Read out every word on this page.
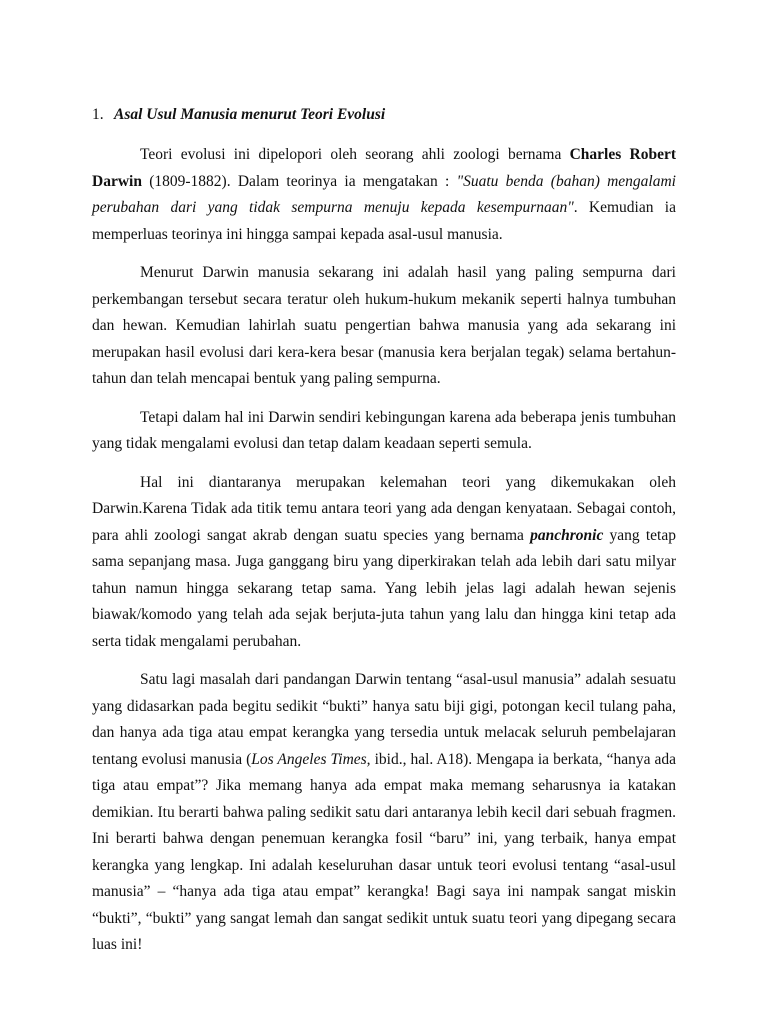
1. Asal Usul Manusia menurut Teori Evolusi

Teori evolusi ini dipelopori oleh seorang ahli zoologi bernama Charles Robert Darwin (1809-1882). Dalam teorinya ia mengatakan : "Suatu benda (bahan) mengalami perubahan dari yang tidak sempurna menuju kepada kesempurnaan". Kemudian ia memperluas teorinya ini hingga sampai kepada asal-usul manusia.

Menurut Darwin manusia sekarang ini adalah hasil yang paling sempurna dari perkembangan tersebut secara teratur oleh hukum-hukum mekanik seperti halnya tumbuhan dan hewan. Kemudian lahirlah suatu pengertian bahwa manusia yang ada sekarang ini merupakan hasil evolusi dari kera-kera besar (manusia kera berjalan tegak) selama bertahun-tahun dan telah mencapai bentuk yang paling sempurna.

Tetapi dalam hal ini Darwin sendiri kebingungan karena ada beberapa jenis tumbuhan yang tidak mengalami evolusi dan tetap dalam keadaan seperti semula.

Hal ini diantaranya merupakan kelemahan teori yang dikemukakan oleh Darwin.Karena Tidak ada titik temu antara teori yang ada dengan kenyataan. Sebagai contoh, para ahli zoologi sangat akrab dengan suatu species yang bernama panchronic yang tetap sama sepanjang masa. Juga ganggang biru yang diperkirakan telah ada lebih dari satu milyar tahun namun hingga sekarang tetap sama. Yang lebih jelas lagi adalah hewan sejenis biawak/komodo yang telah ada sejak berjuta-juta tahun yang lalu dan hingga kini tetap ada serta tidak mengalami perubahan.

Satu lagi masalah dari pandangan Darwin tentang “asal-usul manusia” adalah sesuatu yang didasarkan pada begitu sedikit “bukti” hanya satu biji gigi, potongan kecil tulang paha, dan hanya ada tiga atau empat kerangka yang tersedia untuk melacak seluruh pembelajaran tentang evolusi manusia (Los Angeles Times, ibid., hal. A18). Mengapa ia berkata, “hanya ada tiga atau empat”? Jika memang hanya ada empat maka memang seharusnya ia katakan demikian. Itu berarti bahwa paling sedikit satu dari antaranya lebih kecil dari sebuah fragmen. Ini berarti bahwa dengan penemuan kerangka fosil “baru” ini, yang terbaik, hanya empat kerangka yang lengkap. Ini adalah keseluruhan dasar untuk teori evolusi tentang “asal-usul manusia” – “hanya ada tiga atau empat” kerangka! Bagi saya ini nampak sangat miskin “bukti”, “bukti” yang sangat lemah dan sangat sedikit untuk suatu teori yang dipegang secara luas ini!
